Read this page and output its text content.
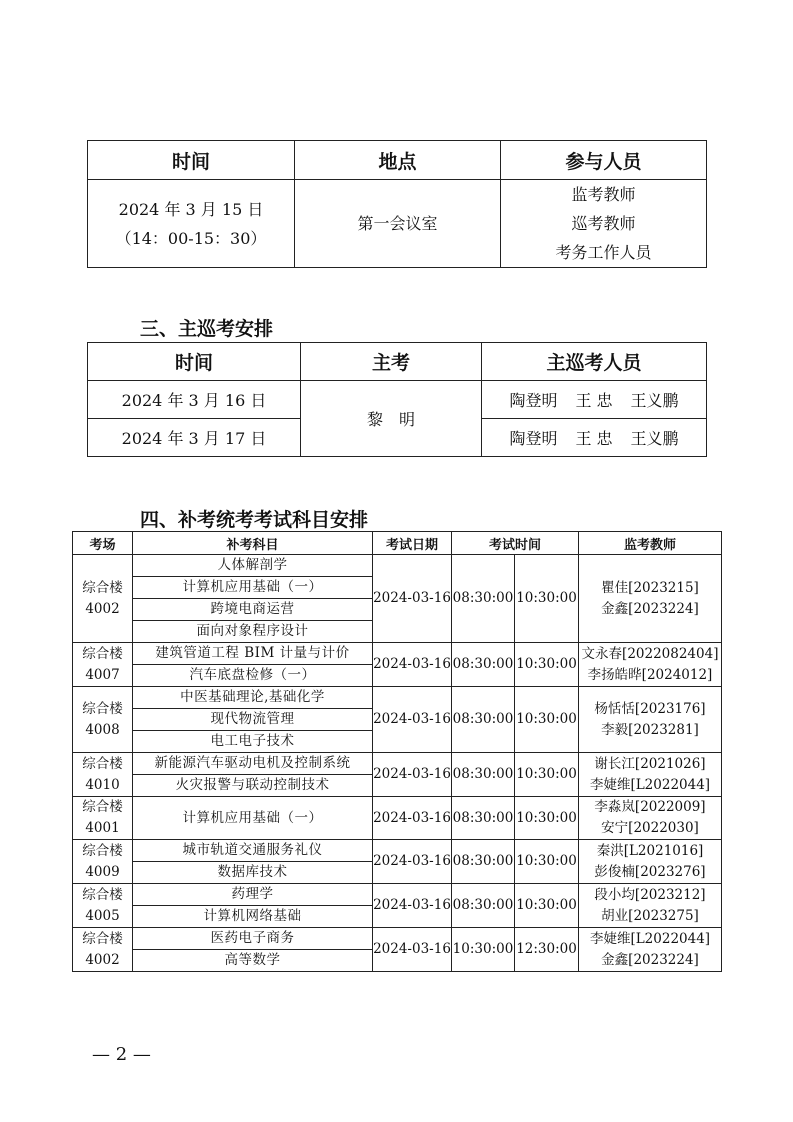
时间	地点	参与人员

2024 年 3 月 15 日
（14：00-15：30）	第一会议室	监考教师
巡考教师
考务工作人员
三、主巡考安排
时间	主考	主巡考人员
2024 年 3 月 16 日	黎　明	陶登明 王 忠 王义鹏
2024 年 3 月 17 日		陶登明 王 忠 王义鹏
四、补考统考考试科目安排
考场	补考科目	考试日期	考试时间		监考教师

综合楼
4002	人体解剖学	2024-03-16	08:30:00	10:30:00	瞿佳[2023215]
金鑫[2023224]

	计算机应用基础（一）				
	跨境电商运营				
	面向对象程序设计				

综合楼
4007	建筑管道工程 BIM 计量与计价	2024-03-16	08:30:00	10:30:00	文永春[2022082404]
李扬皓晔[2024012]

	汽车底盘检修（一）				

综合楼
4008	中医基础理论,基础化学	2024-03-16	08:30:00	10:30:00	杨恬恬[2023176]
李毅[2023281]

	现代物流管理				
	电工电子技术				

综合楼
4010	新能源汽车驱动电机及控制系统	2024-03-16	08:30:00	10:30:00	谢长江[2021026]
李婕维[L2022044]

	火灾报警与联动控制技术				

综合楼
4001	计算机应用基础（一）	2024-03-16	08:30:00	10:30:00	李淼岚[2022009]
安宁[2022030]

综合楼
4009	城市轨道交通服务礼仪	2024-03-16	08:30:00	10:30:00	秦洪[L2021016]
彭俊楠[2023276]

	数据库技术				

综合楼
4005	药理学	2024-03-16	08:30:00	10:30:00	段小均[2023212]
胡业[2023275]

	计算机网络基础				

综合楼
4002	医药电子商务	2024-03-16	10:30:00	12:30:00	李婕维[L2022044]
金鑫[2023224]

	高等数学				
— 2 —
